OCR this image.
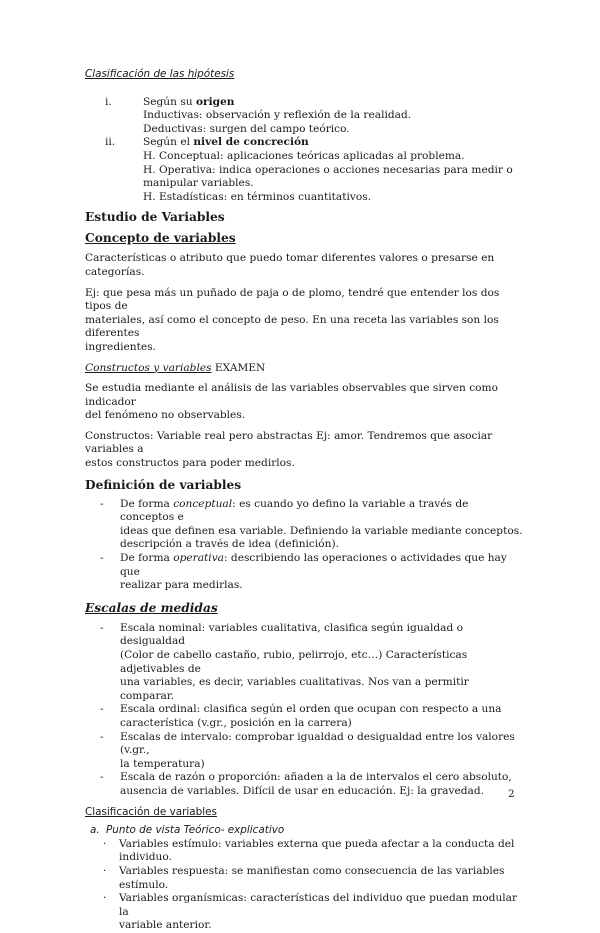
Clasificación de las hipótesis

i.	Según su origen
Inductivas: observación y reflexión de la realidad.
Deductivas: surgen del campo teórico.
ii.	Según el nivel de concreción
H. Conceptual: aplicaciones teóricas aplicadas al problema.
H. Operativa: indica operaciones o acciones necesarias para medir o
manipular variables.
H. Estadísticas: en términos cuantitativos.

Estudio de Variables

Concepto de variables

Características o atributo que puedo tomar diferentes valores o presarse en categorías.

Ej: que pesa más un puñado de paja o de plomo, tendré que entender los dos tipos de
materiales, así como el concepto de peso. En una receta las variables son los diferentes
ingredientes.

Constructos y variables EXAMEN

Se estudia mediante el análisis de las variables observables que sirven como indicador
del fenómeno no observables.
Constructos: Variable real pero abstractas Ej: amor. Tendremos que asociar variables a
estos constructos para poder medirlos.

Definición de variables

-	De forma conceptual: es cuando yo defino la variable a través de conceptos e
ideas que definen esa variable. Definiendo la variable mediante conceptos.
descripción a través de idea (definición).
-	De forma operativa: describiendo las operaciones o actividades que hay que
realizar para medirlas.

Escalas de medidas

-	Escala nominal: variables cualitativa, clasifica según igualdad o desigualdad
(Color de cabello castaño, rubio, pelirrojo, etc…) Características adjetivables de
una variables, es decir, variables cualitativas. Nos van a permitir comparar.
-	Escala ordinal: clasifica según el orden que ocupan con respecto a una
característica (v.gr., posición en la carrera)
-	Escalas de intervalo: comprobar igualdad o desigualdad entre los valores (v.gr.,
la temperatura)
-	Escala de razón o proporción: añaden a la de intervalos el cero absoluto,
ausencia de variables. Difícil de usar en educación. Ej: la gravedad.

Clasificación de variables

a. Punto de vista Teórico- explicativo
·	Variables estímulo: variables externa que pueda afectar a la conducta del
individuo.
·	Variables respuesta: se manifiestan como consecuencia de las variables estímulo.
·	Variables organísmicas: características del individuo que puedan modular la
variable anterior.
2
